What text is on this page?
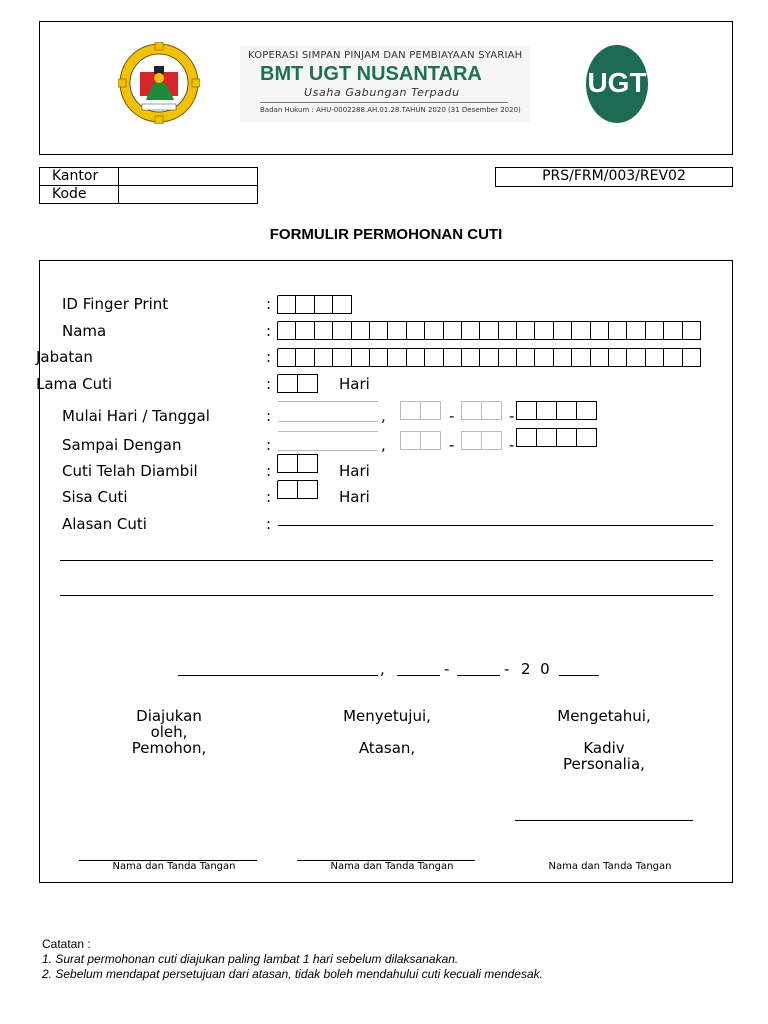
KOPERASI SIMPAN PINJAM DAN PEMBIAYAAN SYARIAH
BMT UGT NUSANTARA
Usaha Gabungan Terpadu
Badan Hukum : AHU-0002288.AH.01.28.TAHUN 2020 (31 Desember 2020)
UGT
Kantor
Kode
PRS/FRM/003/REV02
FORMULIR PERMOHONAN CUTI
ID Finger Print	:
Nama	:
Jabatan	:
Lama Cuti	:	Hari
Mulai Hari / Tanggal	:	,	-	-
Sampai Dengan	:	,	-	-
Cuti Telah Diambil	:	Hari
Sisa Cuti	:	Hari
Alasan Cuti	:
,	-	- 2  0
Diajukan
oleh,
Pemohon,
Menyetujui,
Atasan,
Mengetahui,
Kadiv
Personalia,
Nama dan Tanda Tangan	Nama dan Tanda Tangan	Nama dan Tanda Tangan
Catatan :
1. Surat permohonan cuti diajukan paling lambat 1 hari sebelum dilaksanakan.
2. Sebelum mendapat persetujuan dari atasan, tidak boleh mendahului cuti kecuali mendesak.
